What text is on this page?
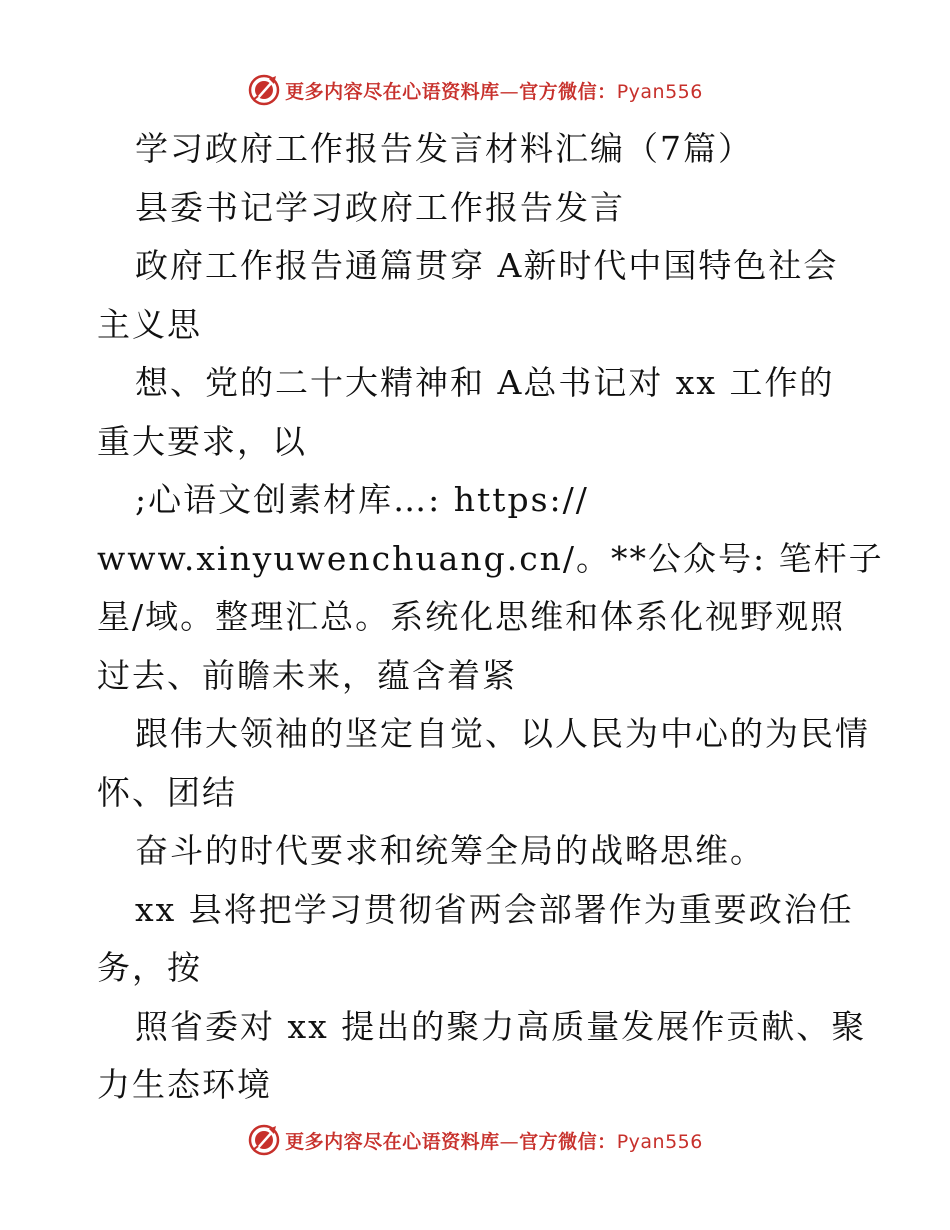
更多内容尽在心语资料库—官方微信：Pyan556
学习政府工作报告发言材料汇编（7篇）
县委书记学习政府工作报告发言
政府工作报告通篇贯穿 A新时代中国特色社会
主义思
想、党的二十大精神和 A总书记对 xx 工作的
重大要求，以
;心语文创素材库…: https://
www.xinyuwenchuang.cn/。**公众号: 笔杆子
星/域。整理汇总。系统化思维和体系化视野观照
过去、前瞻未来，蕴含着紧
跟伟大领袖的坚定自觉、以人民为中心的为民情
怀、团结
奋斗的时代要求和统筹全局的战略思维。
xx 县将把学习贯彻省两会部署作为重要政治任
务，按
照省委对 xx 提出的聚力高质量发展作贡献、聚
力生态环境
更多内容尽在心语资料库—官方微信：Pyan556
